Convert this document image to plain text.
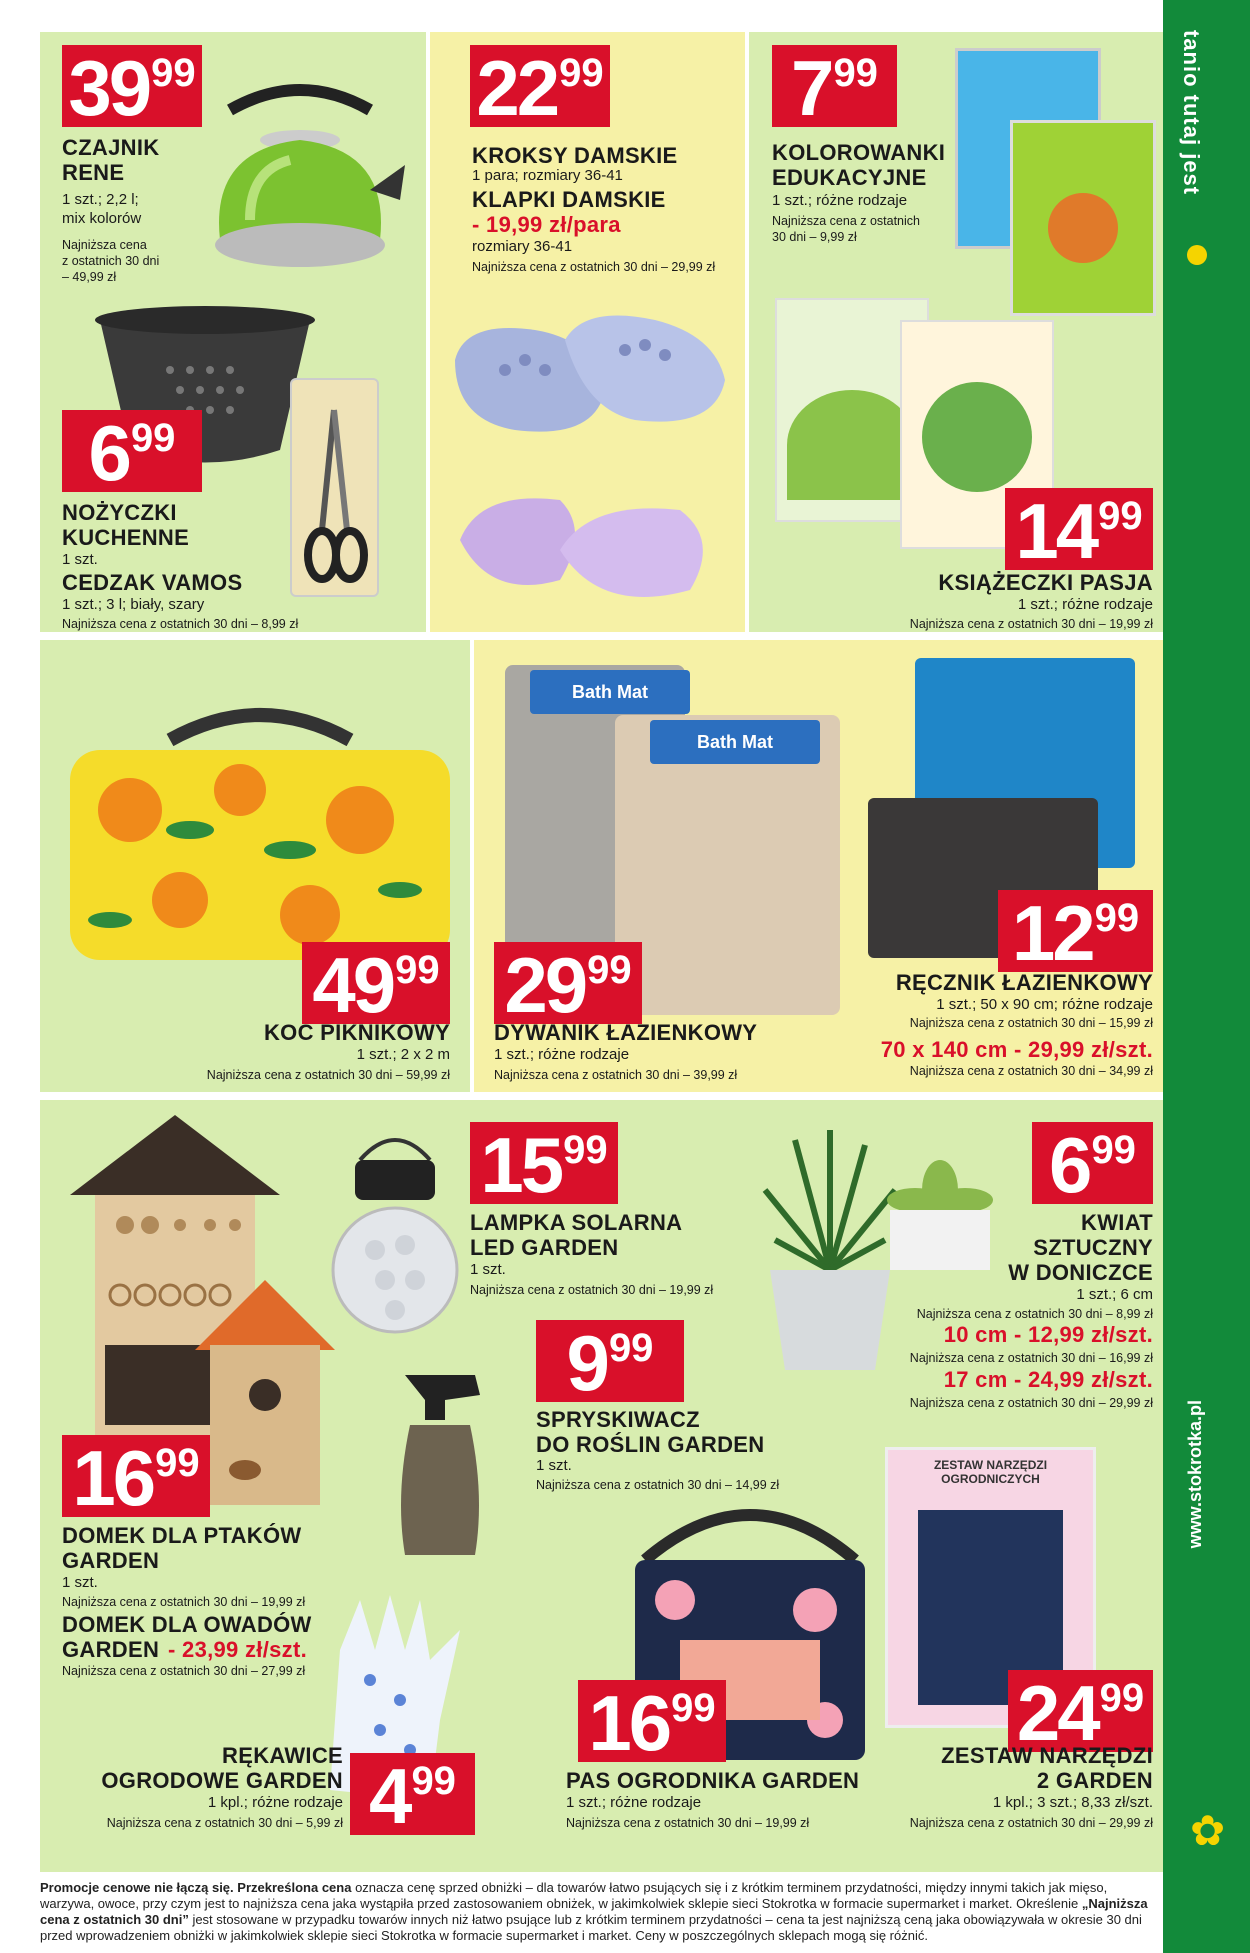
tanio tutaj jest
www.stokrotka.pl
✿
39 99
CZAJNIK
RENE
1 szt.; 2,2 l;
mix kolorów
Najniższa cena
z ostatnich 30 dni
– 49,99 zł
6 99
NOŻYCZKI
KUCHENNE
1 szt.
CEDZAK VAMOS
1 szt.; 3 l; biały, szary
Najniższa cena z ostatnich 30 dni – 8,99 zł
22 99
KROKSY DAMSKIE
1 para; rozmiary 36-41
KLAPKI DAMSKIE
- 19,99 zł/para
rozmiary 36-41
Najniższa cena z ostatnich 30 dni – 29,99 zł
7 99
KOLOROWANKI
EDUKACYJNE
1 szt.; różne rodzaje
Najniższa cena z ostatnich
30 dni – 9,99 zł
14 99
KSIĄŻECZKI PASJA
1 szt.; różne rodzaje
Najniższa cena z ostatnich 30 dni – 19,99 zł
49 99
KOC PIKNIKOWY
1 szt.; 2 x 2 m
Najniższa cena z ostatnich 30 dni – 59,99 zł
Bath Mat
Bath Mat
29 99
DYWANIK ŁAZIENKOWY
1 szt.; różne rodzaje
Najniższa cena z ostatnich 30 dni – 39,99 zł
12 99
RĘCZNIK ŁAZIENKOWY
1 szt.; 50 x 90 cm; różne rodzaje
Najniższa cena z ostatnich 30 dni – 15,99 zł
70 x 140 cm - 29,99 zł/szt.
Najniższa cena z ostatnich 30 dni – 34,99 zł
16 99
DOMEK DLA PTAKÓW
GARDEN
1 szt.
Najniższa cena z ostatnich 30 dni – 19,99 zł
DOMEK DLA OWADÓW
GARDEN - 23,99 zł/szt.
Najniższa cena z ostatnich 30 dni – 27,99 zł
15 99
LAMPKA SOLARNA
LED GARDEN
1 szt.
Najniższa cena z ostatnich 30 dni – 19,99 zł
9 99
SPRYSKIWACZ
DO ROŚLIN GARDEN
1 szt.
Najniższa cena z ostatnich 30 dni – 14,99 zł
6 99
KWIAT
SZTUCZNY
W DONICZCE
1 szt.; 6 cm
Najniższa cena z ostatnich 30 dni – 8,99 zł
10 cm - 12,99 zł/szt.
Najniższa cena z ostatnich 30 dni – 16,99 zł
17 cm - 24,99 zł/szt.
Najniższa cena z ostatnich 30 dni – 29,99 zł
RĘKAWICE
OGRODOWE GARDEN
1 kpl.; różne rodzaje
Najniższa cena z ostatnich 30 dni – 5,99 zł 4 99
16 99
PAS OGRODNIKA GARDEN
1 szt.; różne rodzaje
Najniższa cena z ostatnich 30 dni – 19,99 zł
ZESTAW NARZĘDZI
OGRODNICZYCH
24 99
ZESTAW NARZĘDZI
2 GARDEN
1 kpl.; 3 szt.; 8,33 zł/szt.
Najniższa cena z ostatnich 30 dni – 29,99 zł
Promocje cenowe nie łączą się. Przekreślona cena oznacza cenę sprzed obniżki – dla towarów łatwo psujących się i z krótkim terminem przydatności, między innymi takich jak mięso, warzywa, owoce, przy czym jest to najniższa cena jaka wystąpiła przed zastosowaniem obniżek, w jakimkolwiek sklepie sieci Stokrotka w formacie supermarket i market. Określenie „Najniższa cena z ostatnich 30 dni” jest stosowane w przypadku towarów innych niż łatwo psujące lub z krótkim terminem przydatności – cena ta jest najniższą ceną jaka obowiązywała w okresie 30 dni przed wprowadzeniem obniżki w jakimkolwiek sklepie sieci Stokrotka w formacie supermarket i market. Ceny w poszczególnych sklepach mogą się różnić.
